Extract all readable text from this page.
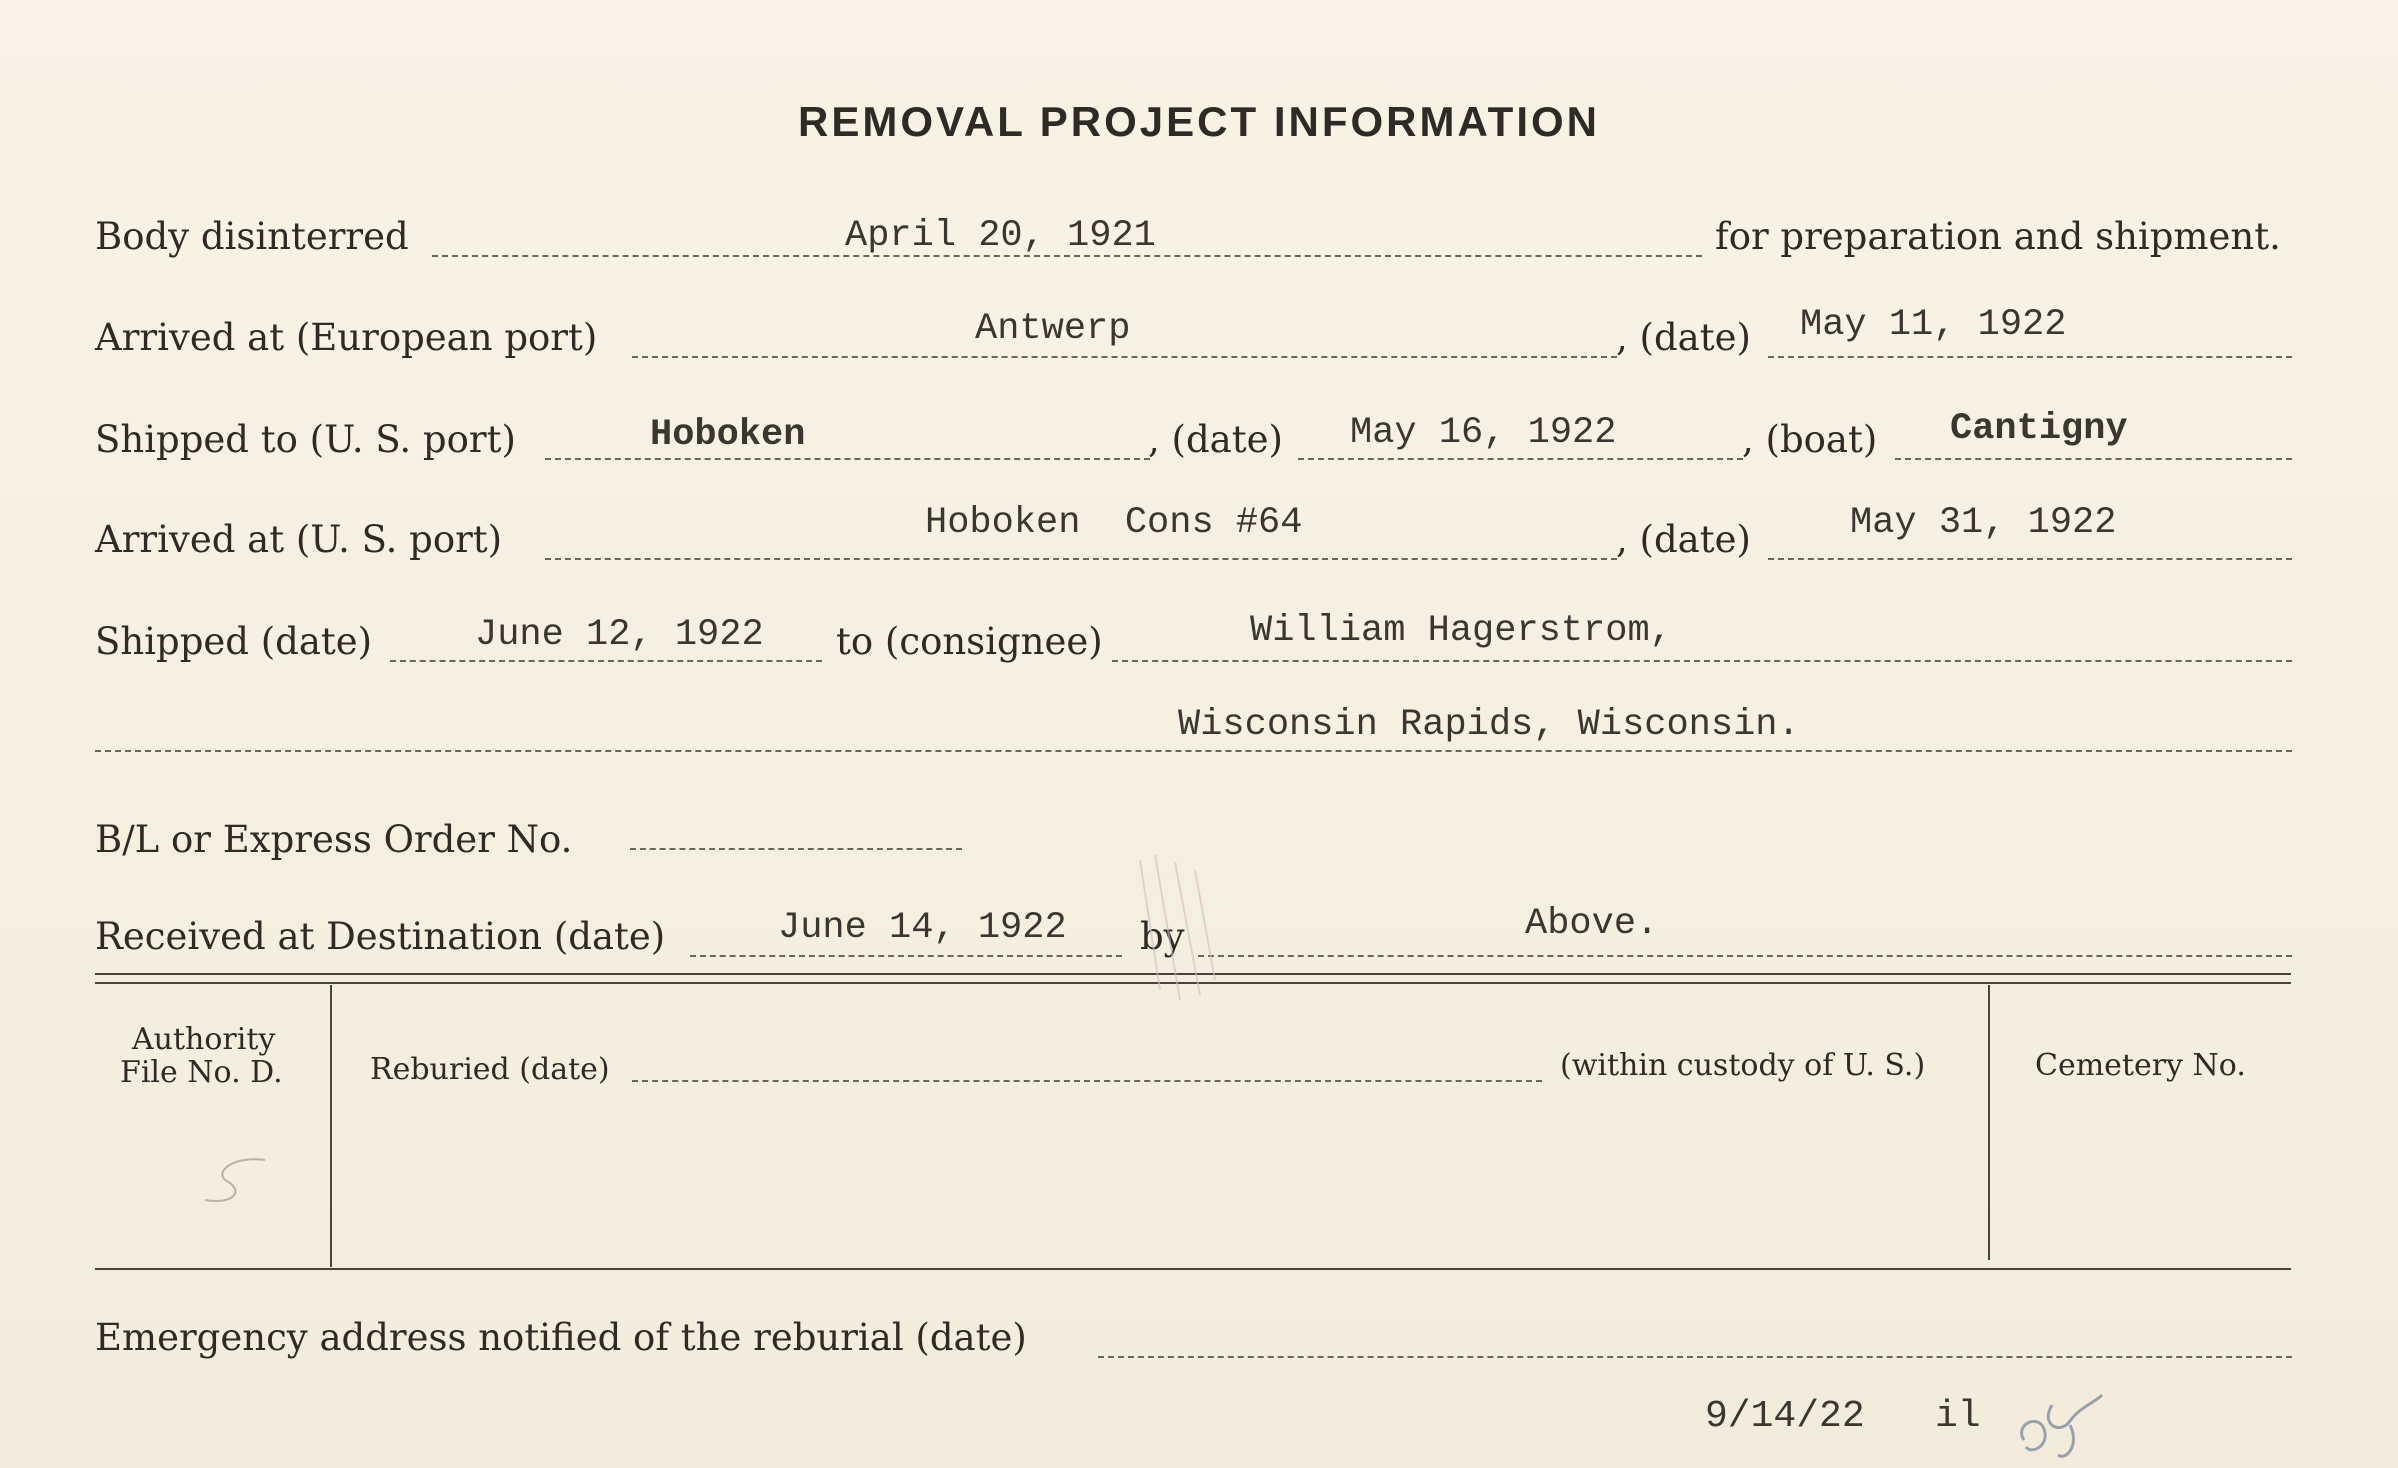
REMOVAL PROJECT INFORMATION
Body disinterred	April 20, 1921	for preparation and shipment.
Arrived at (European port)	Antwerp	, (date) May 11, 1922
Shipped to (U. S. port)	Hoboken	, (date) May 16, 1922	, (boat) Cantigny
Arrived at (U. S. port)	Hoboken  Cons #64	, (date)	May 31, 1922
Shipped (date)	June 12, 1922 to (consignee)	William Hagerstrom,
Wisconsin Rapids, Wisconsin.
B/L or Express Order No.
Received at Destination (date)	June 14, 1922 by	Above.
Authority
File No. D.	Reburied (date)	(within custody of U. S.)	Cemetery No.
Emergency address notified of the reburial (date)
9/14/22 il
